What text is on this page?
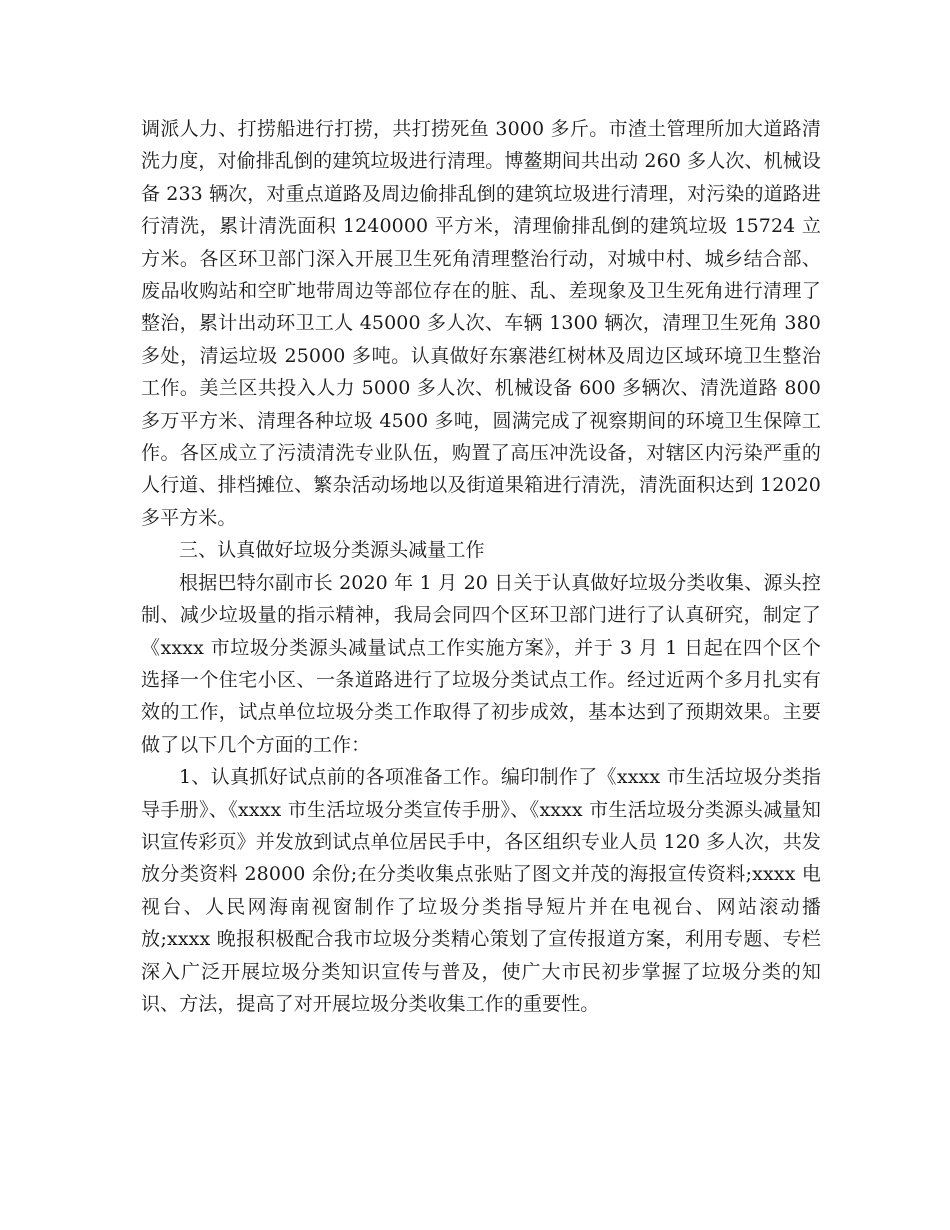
调派人力、打捞船进行打捞，共打捞死鱼 3000 多斤。市渣土管理所加大道路清洗力度，对偷排乱倒的建筑垃圾进行清理。博鳌期间共出动 260 多人次、机械设备 233 辆次，对重点道路及周边偷排乱倒的建筑垃圾进行清理，对污染的道路进行清洗，累计清洗面积 1240000 平方米，清理偷排乱倒的建筑垃圾 15724 立方米。各区环卫部门深入开展卫生死角清理整治行动，对城中村、城乡结合部、废品收购站和空旷地带周边等部位存在的脏、乱、差现象及卫生死角进行清理了整治，累计出动环卫工人 45000 多人次、车辆 1300 辆次，清理卫生死角 380 多处，清运垃圾 25000 多吨。认真做好东寨港红树林及周边区域环境卫生整治工作。美兰区共投入人力 5000 多人次、机械设备 600 多辆次、清洗道路 800 多万平方米、清理各种垃圾 4500 多吨，圆满完成了视察期间的环境卫生保障工作。各区成立了污渍清洗专业队伍，购置了高压冲洗设备，对辖区内污染严重的人行道、排档摊位、繁杂活动场地以及街道果箱进行清洗，清洗面积达到 12020 多平方米。

三、认真做好垃圾分类源头减量工作

根据巴特尔副市长 2020 年 1 月 20 日关于认真做好垃圾分类收集、源头控制、减少垃圾量的指示精神，我局会同四个区环卫部门进行了认真研究，制定了《xxxx 市垃圾分类源头减量试点工作实施方案》，并于 3 月 1 日起在四个区个选择一个住宅小区、一条道路进行了垃圾分类试点工作。经过近两个多月扎实有效的工作，试点单位垃圾分类工作取得了初步成效，基本达到了预期效果。主要做了以下几个方面的工作：

1、认真抓好试点前的各项准备工作。编印制作了《xxxx 市生活垃圾分类指导手册》、《xxxx 市生活垃圾分类宣传手册》、《xxxx 市生活垃圾分类源头减量知识宣传彩页》并发放到试点单位居民手中，各区组织专业人员 120 多人次，共发放分类资料 28000 余份;在分类收集点张贴了图文并茂的海报宣传资料;xxxx 电视台、人民网海南视窗制作了垃圾分类指导短片并在电视台、网站滚动播放;xxxx 晚报积极配合我市垃圾分类精心策划了宣传报道方案，利用专题、专栏深入广泛开展垃圾分类知识宣传与普及，使广大市民初步掌握了垃圾分类的知识、方法，提高了对开展垃圾分类收集工作的重要性。
